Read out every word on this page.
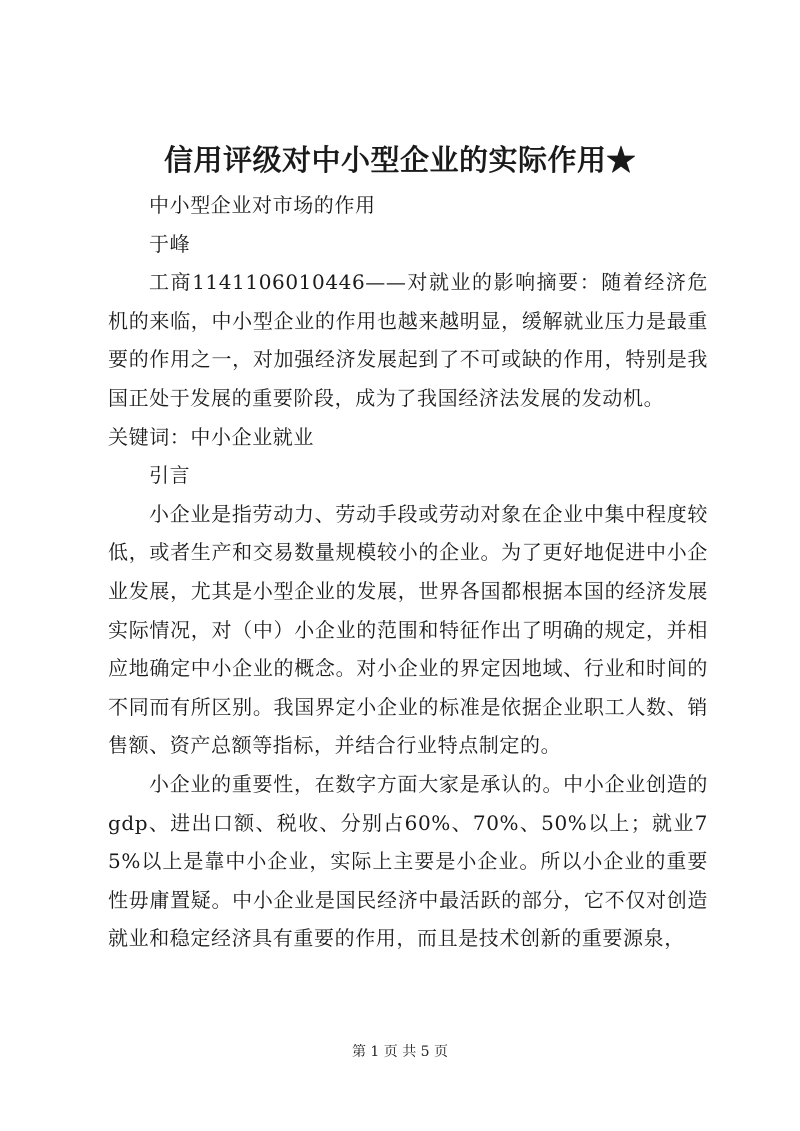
信用评级对中小型企业的实际作用★

中小型企业对市场的作用

于峰

工商1141106010446——对就业的影响摘要：随着经济危机的来临，中小型企业的作用也越来越明显，缓解就业压力是最重要的作用之一，对加强经济发展起到了不可或缺的作用，特别是我国正处于发展的重要阶段，成为了我国经济法发展的发动机。

关键词：中小企业就业

引言

小企业是指劳动力、劳动手段或劳动对象在企业中集中程度较低，或者生产和交易数量规模较小的企业。为了更好地促进中小企业发展，尤其是小型企业的发展，世界各国都根据本国的经济发展实际情况，对（中）小企业的范围和特征作出了明确的规定，并相应地确定中小企业的概念。对小企业的界定因地域、行业和时间的不同而有所区别。我国界定小企业的标准是依据企业职工人数、销售额、资产总额等指标，并结合行业特点制定的。

小企业的重要性，在数字方面大家是承认的。中小企业创造的gdp、进出口额、税收、分别占60%、70%、50%以上；就业75%以上是靠中小企业，实际上主要是小企业。所以小企业的重要性毋庸置疑。中小企业是国民经济中最活跃的部分，它不仅对创造就业和稳定经济具有重要的作用，而且是技术创新的重要源泉，

第 1 页 共 5 页
